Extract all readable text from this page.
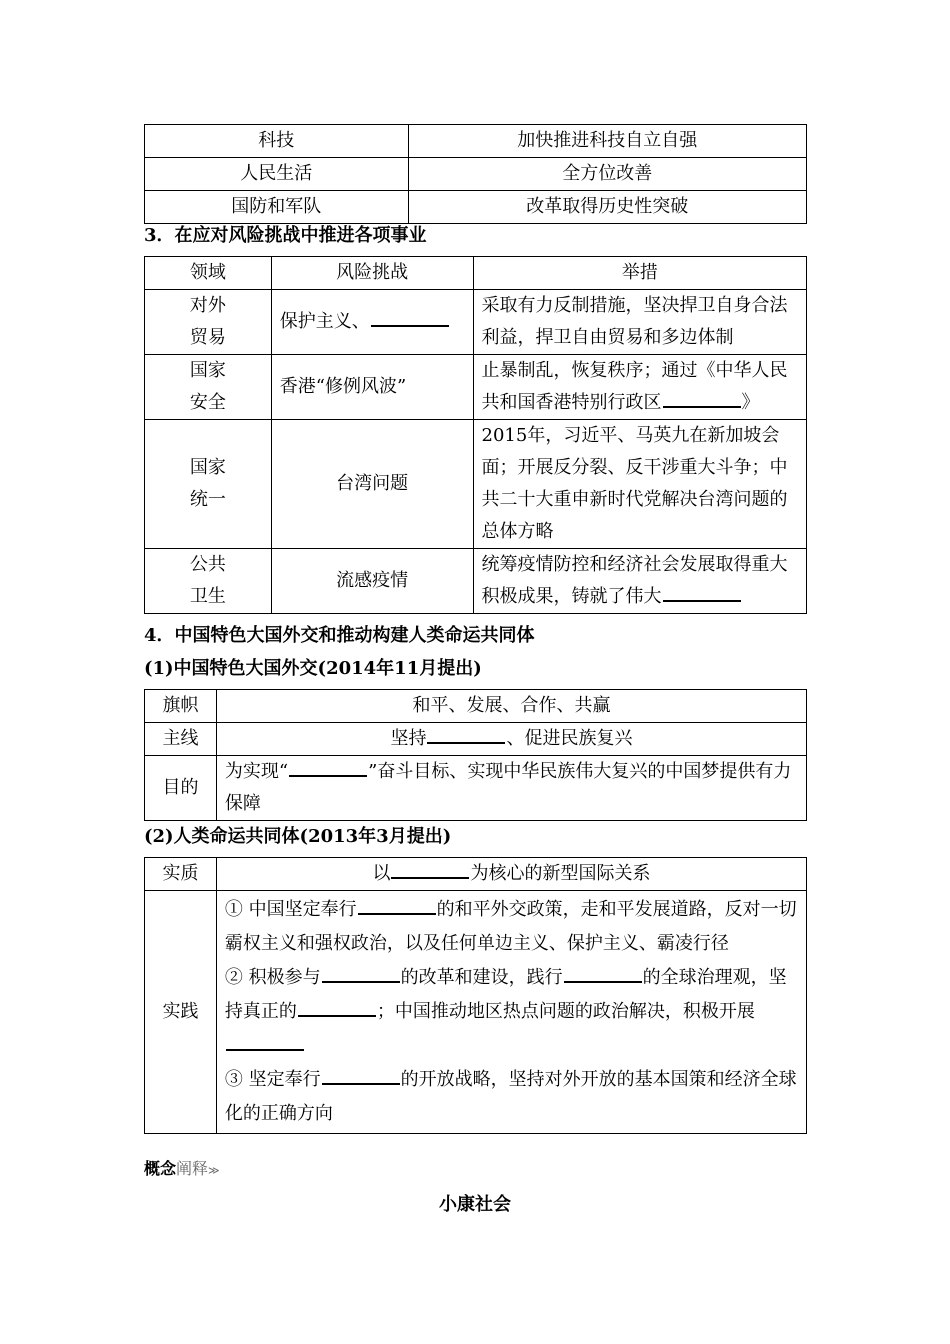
科技	加快推进科技自立自强
人民生活	全方位改善
国防和军队	改革取得历史性突破
3．在应对风险挑战中推进各项事业
领域	风险挑战	举措
对外
贸易	保护主义、	采取有力反制措施，坚决捍卫自身合法利益，捍卫自由贸易和多边体制
国家
安全	香港“修例风波”	止暴制乱，恢复秩序；通过《中华人民共和国香港特别行政区 》
国家
统一	台湾问题	2015年，习近平、马英九在新加坡会面；开展反分裂、反干涉重大斗争；中共二十大重申新时代党解决台湾问题的总体方略
公共
卫生	流感疫情	统筹疫情防控和经济社会发展取得重大积极成果，铸就了伟大
4．中国特色大国外交和推动构建人类命运共同体
(1)中国特色大国外交(2014年11月提出)
旗帜	和平、发展、合作、共赢
主线	坚持 、促进民族复兴
目的	为实现“ ”奋斗目标、实现中华民族伟大复兴的中国梦提供有力保障
(2)人类命运共同体(2013年3月提出)
实质	以 为核心的新型国际关系
实践	① 中国坚定奉行 的和平外交政策，走和平发展道路，反对一切霸权主义和强权政治，以及任何单边主义、保护主义、霸凌行径
② 积极参与 的改革和建设，践行 的全球治理观，坚持真正的 ；中国推动地区热点问题的政治解决，积极开展
③ 坚定奉行 的开放战略，坚持对外开放的基本国策和经济全球化的正确方向
概念阐释≫
小康社会
